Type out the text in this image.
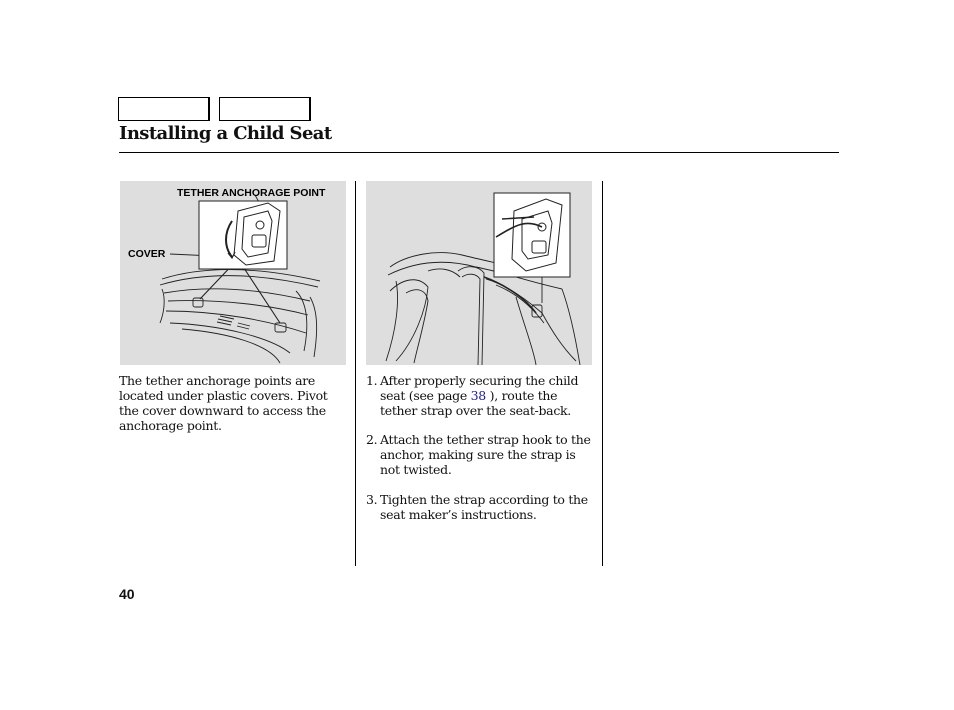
Installing a Child Seat
TETHER ANCHORAGE POINT
COVER
The tether anchorage points are located under plastic covers. Pivot the cover downward to access the anchorage point.
1. After properly securing the child seat (see page 38 ), route the tether strap over the seat-back.
2. Attach the tether strap hook to the anchor, making sure the strap is not twisted.
3. Tighten the strap according to the seat maker’s instructions.
40
